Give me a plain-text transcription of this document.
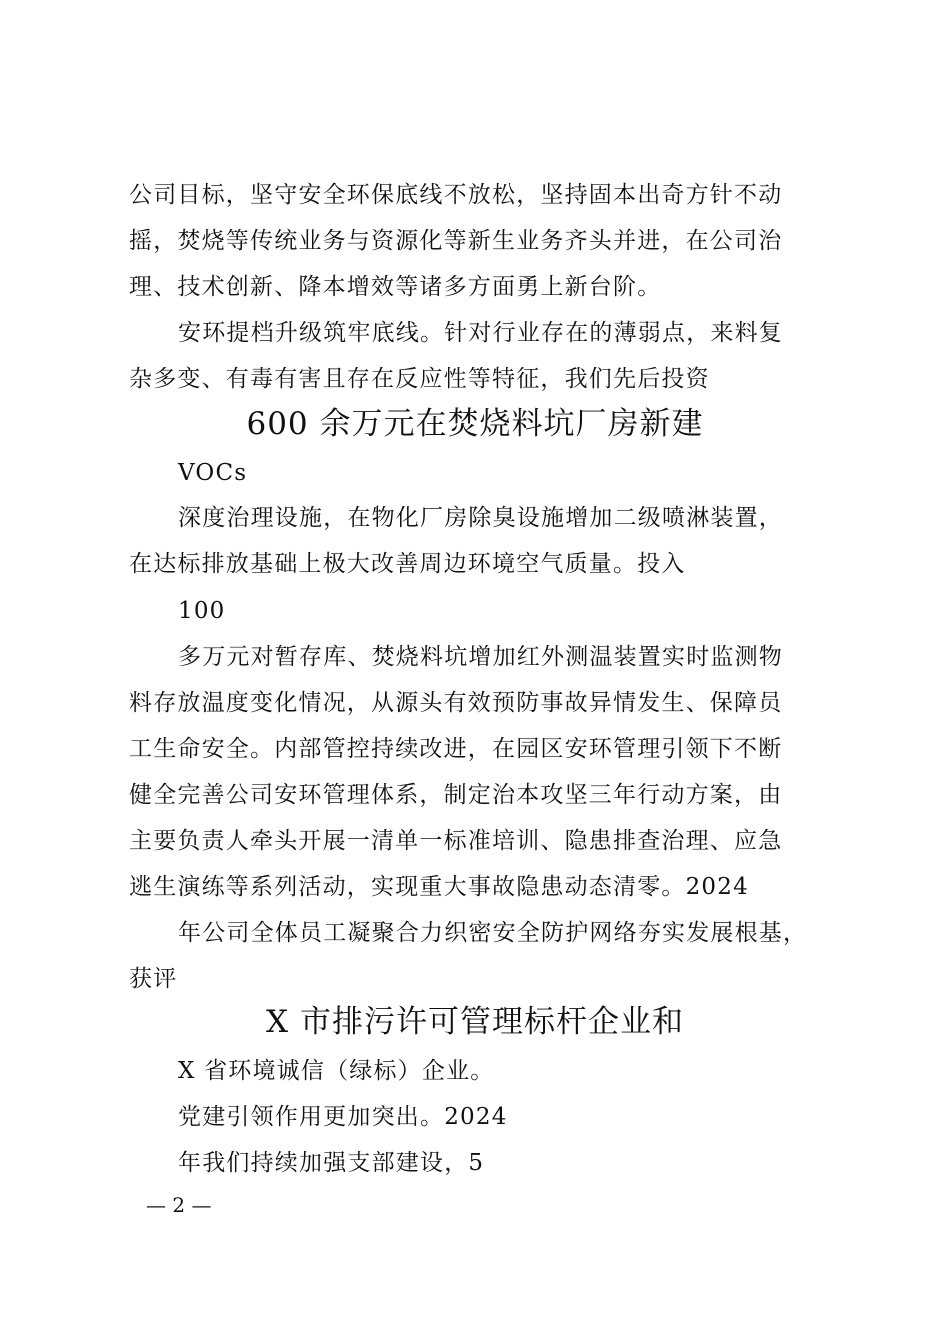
公司目标，坚守安全环保底线不放松，坚持固本出奇方针不动
摇，焚烧等传统业务与资源化等新生业务齐头并进，在公司治
理、技术创新、降本增效等诸多方面勇上新台阶。
安环提档升级筑牢底线。针对行业存在的薄弱点，来料复
杂多变、有毒有害且存在反应性等特征，我们先后投资
600 余万元在焚烧料坑厂房新建
VOCs
深度治理设施，在物化厂房除臭设施增加二级喷淋装置，
在达标排放基础上极大改善周边环境空气质量。投入
100
多万元对暂存库、焚烧料坑增加红外测温装置实时监测物
料存放温度变化情况，从源头有效预防事故异情发生、保障员
工生命安全。内部管控持续改进，在园区安环管理引领下不断
健全完善公司安环管理体系，制定治本攻坚三年行动方案，由
主要负责人牵头开展一清单一标准培训、隐患排查治理、应急
逃生演练等系列活动，实现重大事故隐患动态清零。2024
年公司全体员工凝聚合力织密安全防护网络夯实发展根基，
获评
X 市排污许可管理标杆企业和
X 省环境诚信（绿标）企业。
党建引领作用更加突出。2024
年我们持续加强支部建设，5
— 2 —
